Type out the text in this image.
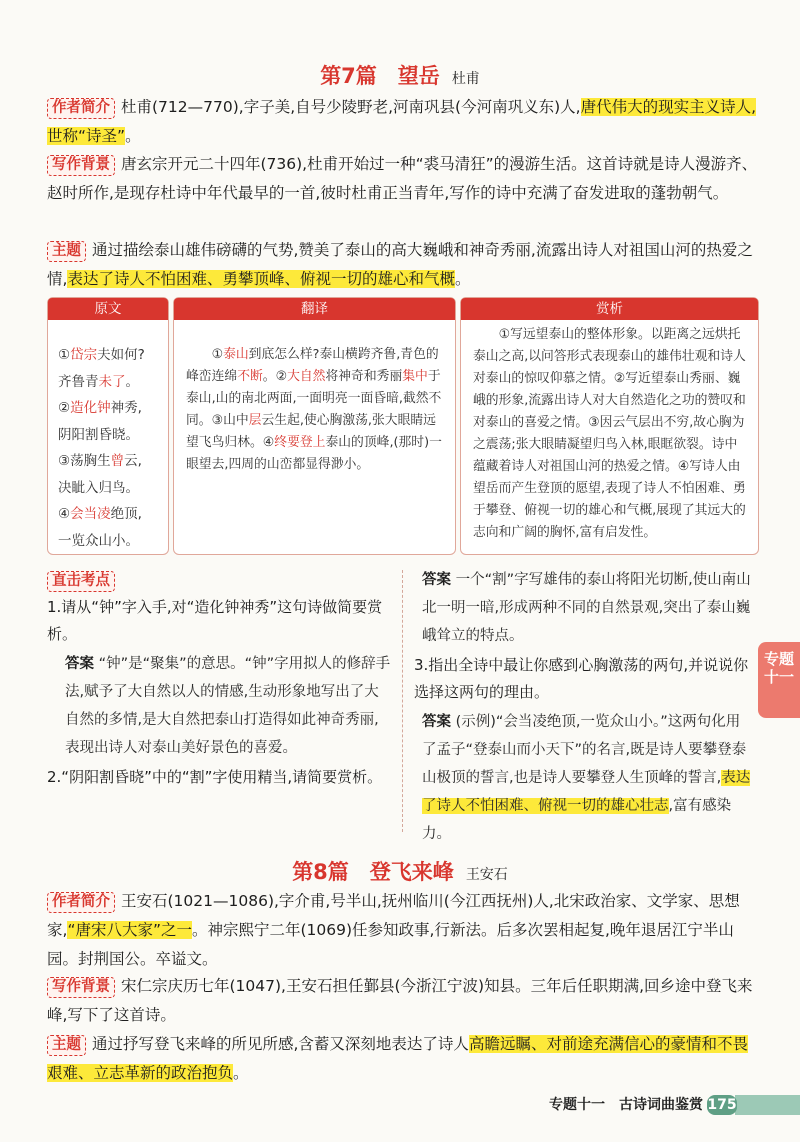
第7篇　望岳 杜甫
作者简介 杜甫(712—770),字子美,自号少陵野老,河南巩县(今河南巩义东)人,唐代伟大的现实主义诗人,世称“诗圣”。
写作背景 唐玄宗开元二十四年(736),杜甫开始过一种“裘马清狂”的漫游生活。这首诗就是诗人漫游齐、赵时所作,是现存杜诗中年代最早的一首,彼时杜甫正当青年,写作的诗中充满了奋发进取的蓬勃朝气。
主题 通过描绘泰山雄伟磅礴的气势,赞美了泰山的高大巍峨和神奇秀丽,流露出诗人对祖国山河的热爱之情,表达了诗人不怕困难、勇攀顶峰、俯视一切的雄心和气概。
原文
①岱宗夫如何?
齐鲁青未了。
②造化钟神秀,
阴阳割昏晓。
③荡胸生曾云,
决眦入归鸟。
④会当凌绝顶,
一览众山小。
翻译
①泰山到底怎么样?泰山横跨齐鲁,青色的峰峦连绵不断。②大自然将神奇和秀丽集中于泰山,山的南北两面,一面明亮一面昏暗,截然不同。③山中层云生起,使心胸激荡,张大眼睛远望飞鸟归林。④终要登上泰山的顶峰,(那时)一眼望去,四周的山峦都显得渺小。
赏析
①写远望泰山的整体形象。以距离之远烘托泰山之高,以问答形式表现泰山的雄伟壮观和诗人对泰山的惊叹仰慕之情。②写近望泰山秀丽、巍峨的形象,流露出诗人对大自然造化之功的赞叹和对泰山的喜爱之情。③因云气层出不穷,故心胸为之震荡;张大眼睛凝望归鸟入林,眼眶欲裂。诗中蕴藏着诗人对祖国山河的热爱之情。④写诗人由望岳而产生登顶的愿望,表现了诗人不怕困难、勇于攀登、俯视一切的雄心和气概,展现了其远大的志向和广阔的胸怀,富有启发性。
直击考点
1.请从“钟”字入手,对“造化钟神秀”这句诗做简要赏析。
答案 “钟”是“聚集”的意思。“钟”字用拟人的修辞手法,赋予了大自然以人的情感,生动形象地写出了大自然的多情,是大自然把泰山打造得如此神奇秀丽,表现出诗人对泰山美好景色的喜爱。
2.“阴阳割昏晓”中的“割”字使用精当,请简要赏析。
答案 一个“割”字写雄伟的泰山将阳光切断,使山南山北一明一暗,形成两种不同的自然景观,突出了泰山巍峨耸立的特点。
3.指出全诗中最让你感到心胸激荡的两句,并说说你选择这两句的理由。
答案 (示例)“会当凌绝顶,一览众山小。”这两句化用了孟子“登泰山而小天下”的名言,既是诗人要攀登泰山极顶的誓言,也是诗人要攀登人生顶峰的誓言,表达了诗人不怕困难、俯视一切的雄心壮志,富有感染力。
专题
十一
第8篇　登飞来峰 王安石
作者简介 王安石(1021—1086),字介甫,号半山,抚州临川(今江西抚州)人,北宋政治家、文学家、思想家,“唐宋八大家”之一。神宗熙宁二年(1069)任参知政事,行新法。后多次罢相起复,晚年退居江宁半山园。封荆国公。卒谥文。
写作背景 宋仁宗庆历七年(1047),王安石担任鄞县(今浙江宁波)知县。三年后任职期满,回乡途中登飞来峰,写下了这首诗。
主题 通过抒写登飞来峰的所见所感,含蓄又深刻地表达了诗人高瞻远瞩、对前途充满信心的豪情和不畏艰难、立志革新的政治抱负。
专题十一　古诗词曲鉴赏 175
